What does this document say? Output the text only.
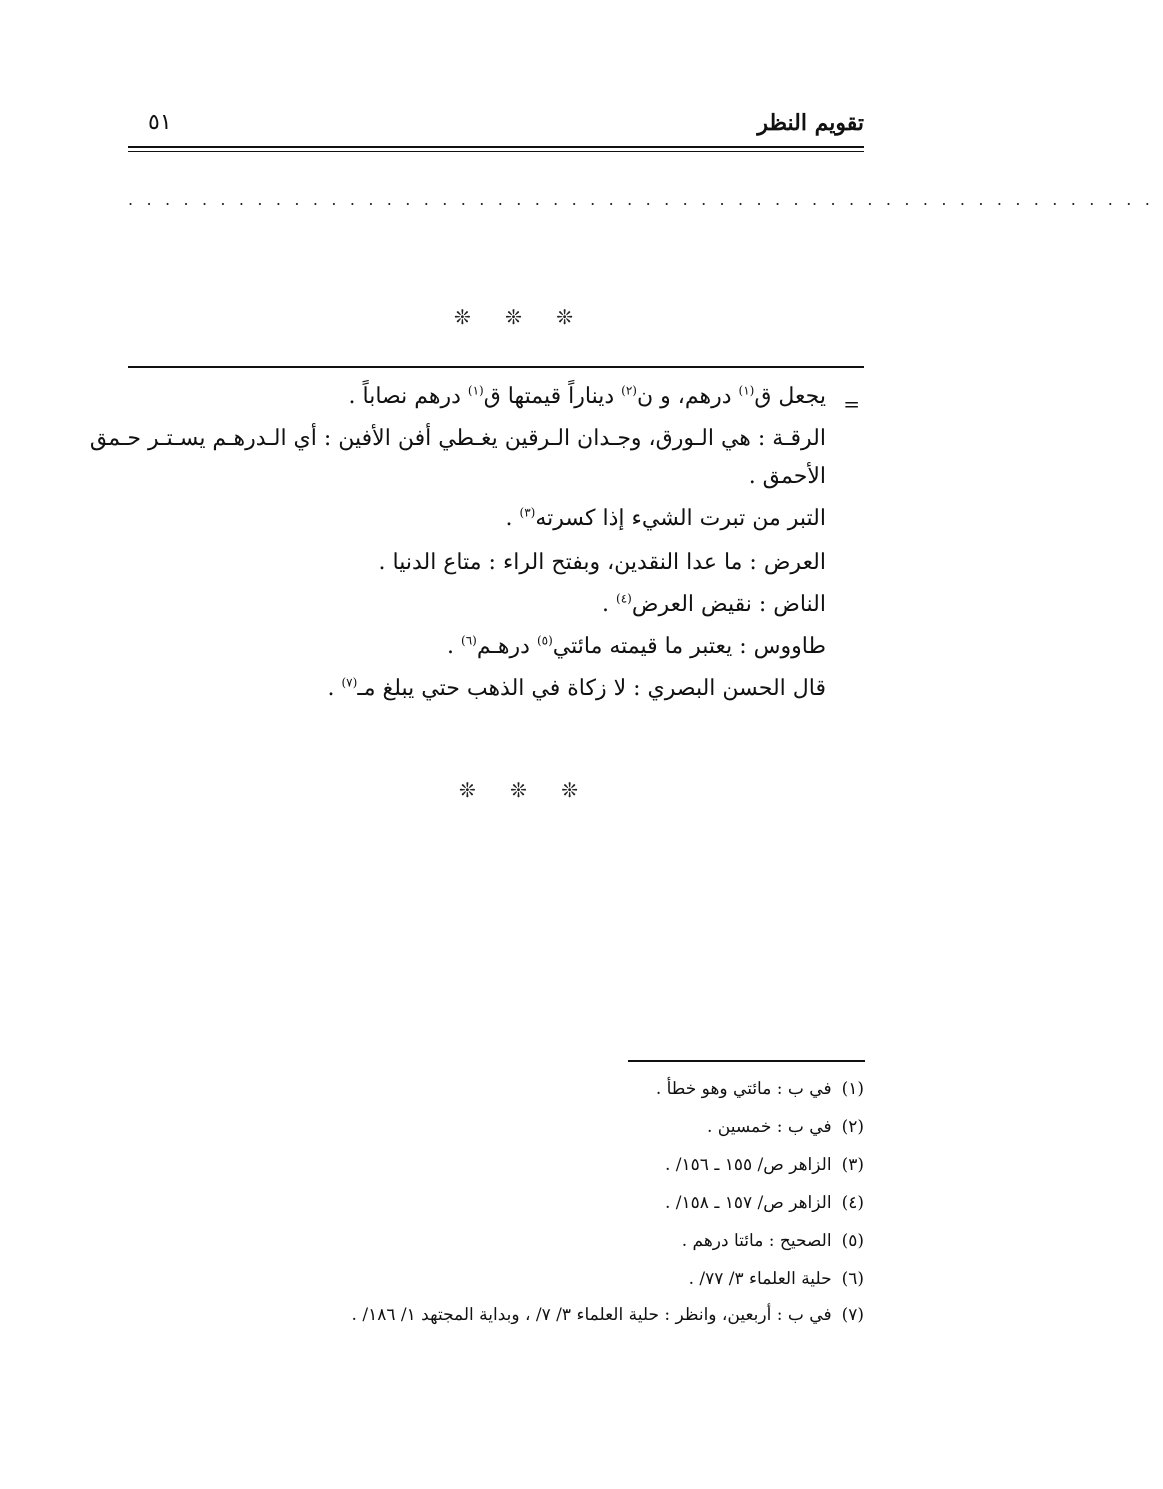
تقويم النظر
٥١
........................................................
❊ ❊ ❊
=
يجعل ق$^{(١)}$ درهم، و ن$^{(٢)}$ ديناراً قيمتها ق$^{(١)}$ درهم نصاباً .
الرقـة : هي الـورق، وجـدان الـرقين يغـطي أفن الأفين : أي الـدرهـم يسـتـر حـمق
الأحمق .
التبر من تبرت الشيء إذا كسرته$^{(٣)}$ .
العرض : ما عدا النقدين، وبفتح الراء : متاع الدنيا .
الناض : نقيض العرض$^{(٤)}$ .
طاووس : يعتبر ما قيمته مائتي$^{(٥)}$ درهـم$^{(٦)}$ .
قال الحسن البصري : لا زكاة في الذهب حتي يبلغ مـ$^{(٧)}$ .
❊ ❊ ❊
(١)في ب : مائتي وهو خطأ .
(٢)في ب : خمسين .
(٣)الزاهر ص/ ١٥٥ ـ ١٥٦/ .
(٤)الزاهر ص/ ١٥٧ ـ ١٥٨/ .
(٥)الصحيح : مائتا درهم .
(٦)حلية العلماء ٣/ ٧٧/ .
(٧)في ب : أربعين، وانظر : حلية العلماء ٣/ ٧/ ، وبداية المجتهد ١/ ١٨٦/ .
